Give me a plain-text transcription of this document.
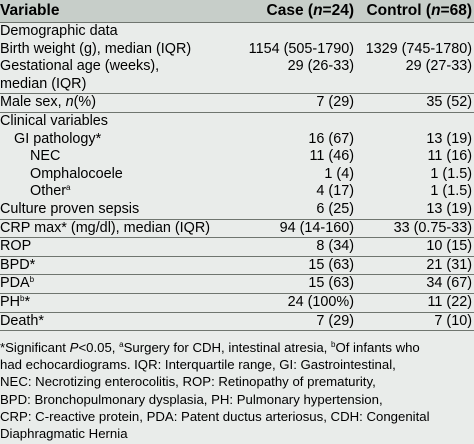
Variable	Case (n=24)	Control (n=68)
Demographic data		
Birth weight (g), median (IQR)	1154 (505-1790)	1329 (745-1780)
Gestational age (weeks),	29 (26-33)	29 (27-33)
median (IQR)		
Male sex, n(%)	7 (29)	35 (52)
Clinical variables		
GI pathology*	16 (67)	13 (19)
NEC	11 (46)	11 (16)
Omphalocoele	1 (4)	1 (1.5)
Other$^a$	4 (17)	1 (1.5)
Culture proven sepsis	6 (25)	13 (19)
CRP max* (mg/dl), median (IQR)	94 (14-160)	33 (0.75-33)
ROP	8 (34)	10 (15)
BPD*	15 (63)	21 (31)
PDA$^b$	15 (63)	34 (67)
$PH^b*$	24 (100%)	11 (22)
Death*	7 (29)	7 (10)
*Significant P<0.05, $^a$Surgery for CDH, intestinal atresia, $^b$Of infants who
had echocardiograms. IQR: Interquartile range, GI: Gastrointestinal,
NEC: Necrotizing enterocolitis, ROP: Retinopathy of prematurity,
BPD: Bronchopulmonary dysplasia, PH: Pulmonary hypertension,
CRP: C-reactive protein, PDA: Patent ductus arteriosus, CDH: Congenital
Diaphragmatic Hernia
